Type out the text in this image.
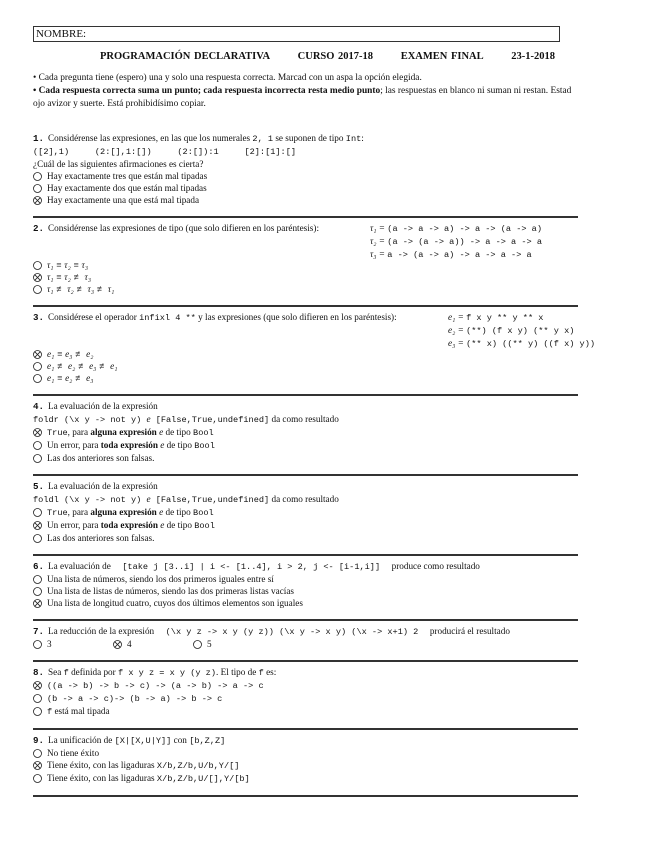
NOMBRE:
PROGRAMACIÓN DECLARATIVA	CURSO 2017-18	EXAMEN FINAL	23-1-2018
• Cada pregunta tiene (espero) una y solo una respuesta correcta. Marcad con un aspa la opción elegida.
• Cada respuesta correcta suma un punto; cada respuesta incorrecta resta medio punto; las respuestas en blanco ni suman ni restan. Estad ojo avizor y suerte. Está prohibidísimo copiar.
1. Considérense las expresiones, en las que los numerales 2, 1 se suponen de tipo Int:
([2],1)     (2:[],1:[])     (2:[]):1     [2]:[1]:[]
¿Cuál de las siguientes afirmaciones es cierta?
Hay exactamente tres que están mal tipadas
Hay exactamente dos que están mal tipadas
Hay exactamente una que está mal tipada
2. Considérense las expresiones de tipo (que solo difieren en los paréntesis):

	τ₁ = (a -> a -> a) -> a -> (a -> a)
τ₂ = (a -> (a -> a)) -> a -> a -> a
τ₃ = a -> (a -> a) -> a -> a -> a
τ₁ ≡ τ₂ ≡ τ₃
τ₁ ≡ τ₂ ≢ τ₃
τ₁ ≢ τ₂ ≢ τ₃ ≢ τ₁
3. Considérese el operador infixl 4 ** y las expresiones (que solo difieren en los paréntesis):

	e₁ = f x y ** y ** x
e₂ = (**) (f x y) (** y x)
e₃ = (** x) ((** y) ((f x) y))
e₁ ≡ e₃ ≢ e₂
e₁ ≢ e₂ ≢ e₃ ≢ e₁
e₁ ≡ e₂ ≢ e₃
4. La evaluación de la expresión
foldr (\x y -> not y) e [False,True,undefined] da como resultado
True, para alguna expresión e de tipo Bool
Un error, para toda expresión e de tipo Bool
Las dos anteriores son falsas.
5. La evaluación de la expresión
foldl (\x y -> not y) e [False,True,undefined] da como resultado
True, para alguna expresión e de tipo Bool
Un error, para toda expresión e de tipo Bool
Las dos anteriores son falsas.
6. La evaluación de     [take j [3..i] | i <- [1..4], i > 2, j <- [i-1,i]]     produce como resultado
Una lista de números, siendo los dos primeros iguales entre sí
Una lista de listas de números, siendo las dos primeras listas vacías
Una lista de longitud cuatro, cuyos dos últimos elementos son iguales
7. La reducción de la expresión     (\x y z -> x y (y z)) (\x y -> x y) (\x -> x+1) 2     producirá el resultado
3	4	5
8. Sea f definida por f x y z = x y (y z). El tipo de f es:
((a -> b) -> b -> c) -> (a -> b) -> a -> c
(b -> a -> c)-> (b -> a) -> b -> c
f está mal tipada
9. La unificación de [X|[X,U|Y]] con [b,Z,Z]
No tiene éxito
Tiene éxito, con las ligaduras X/b,Z/b,U/b,Y/[]
Tiene éxito, con las ligaduras X/b,Z/b,U/[],Y/[b]
